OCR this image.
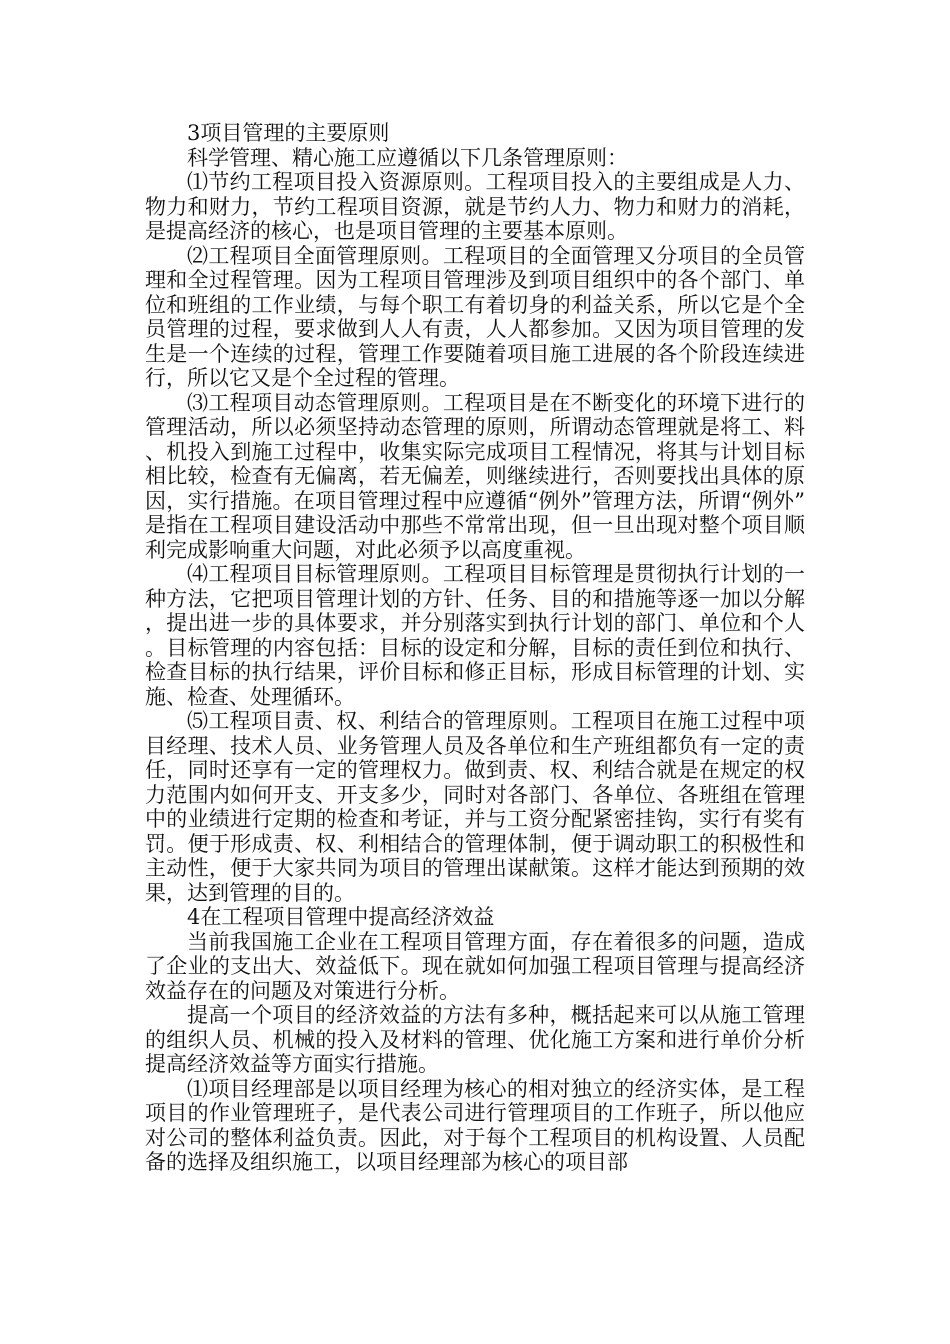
3项目管理的主要原则

科学管理、精心施工应遵循以下几条管理原则：

⑴节约工程项目投入资源原则。工程项目投入的主要组成是人力、物力和财力，节约工程项目资源，就是节约人力、物力和财力的消耗，是提高经济的核心，也是项目管理的主要基本原则。

⑵工程项目全面管理原则。工程项目的全面管理又分项目的全员管理和全过程管理。因为工程项目管理涉及到项目组织中的各个部门、单位和班组的工作业绩，与每个职工有着切身的利益关系，所以它是个全员管理的过程，要求做到人人有责，人人都参加。又因为项目管理的发生是一个连续的过程，管理工作要随着项目施工进展的各个阶段连续进行，所以它又是个全过程的管理。

⑶工程项目动态管理原则。工程项目是在不断变化的环境下进行的管理活动，所以必须坚持动态管理的原则，所谓动态管理就是将工、料、机投入到施工过程中，收集实际完成项目工程情况，将其与计划目标相比较，检查有无偏离，若无偏差，则继续进行，否则要找出具体的原因，实行措施。在项目管理过程中应遵循“例外”管理方法，所谓“例外”是指在工程项目建设活动中那些不常常出现，但一旦出现对整个项目顺利完成影响重大问题，对此必须予以高度重视。

⑷工程项目目标管理原则。工程项目目标管理是贯彻执行计划的一种方法，它把项目管理计划的方针、任务、目的和措施等逐一加以分解，提出进一步的具体要求，并分别落实到执行计划的部门、单位和个人。目标管理的内容包括：目标的设定和分解，目标的责任到位和执行、检查目标的执行结果，评价目标和修正目标，形成目标管理的计划、实施、检查、处理循环。

⑸工程项目责、权、利结合的管理原则。工程项目在施工过程中项目经理、技术人员、业务管理人员及各单位和生产班组都负有一定的责任，同时还享有一定的管理权力。做到责、权、利结合就是在规定的权力范围内如何开支、开支多少，同时对各部门、各单位、各班组在管理中的业绩进行定期的检查和考证，并与工资分配紧密挂钩，实行有奖有罚。便于形成责、权、利相结合的管理体制，便于调动职工的积极性和主动性，便于大家共同为项目的管理出谋献策。这样才能达到预期的效果，达到管理的目的。

4在工程项目管理中提高经济效益

当前我国施工企业在工程项目管理方面，存在着很多的问题，造成了企业的支出大、效益低下。现在就如何加强工程项目管理与提高经济效益存在的问题及对策进行分析。

提高一个项目的经济效益的方法有多种，概括起来可以从施工管理的组织人员、机械的投入及材料的管理、优化施工方案和进行单价分析提高经济效益等方面实行措施。

⑴项目经理部是以项目经理为核心的相对独立的经济实体，是工程项目的作业管理班子，是代表公司进行管理项目的工作班子，所以他应对公司的整体利益负责。因此，对于每个工程项目的机构设置、人员配备的选择及组织施工，以项目经理部为核心的项目部
